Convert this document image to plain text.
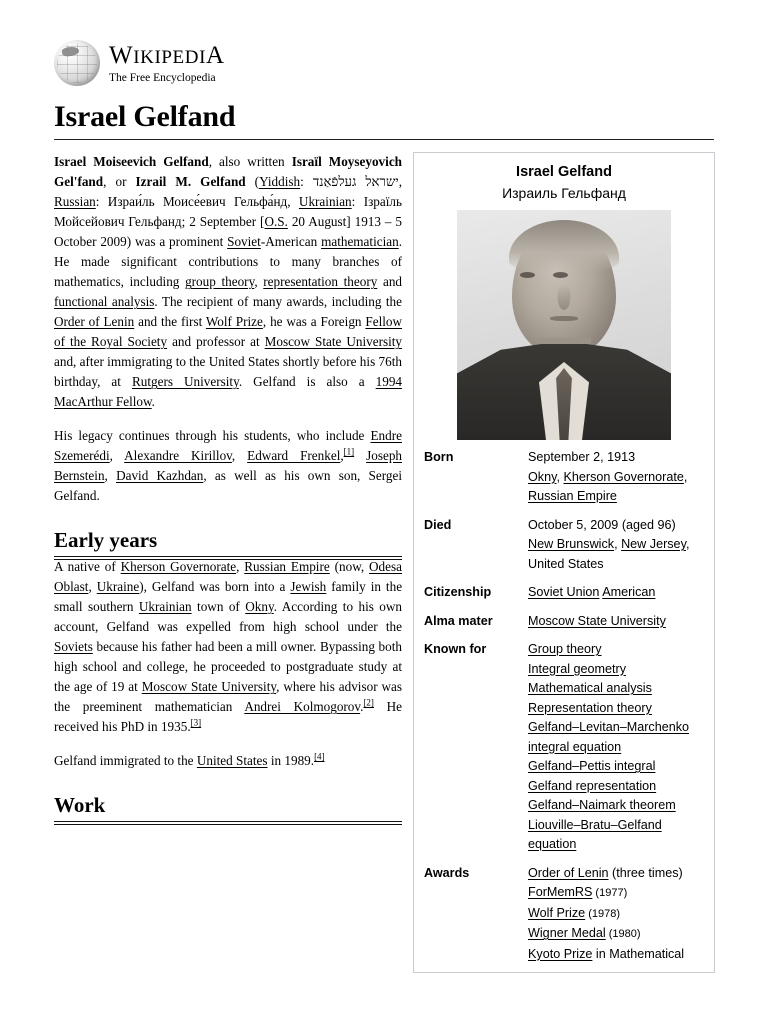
WIKIPEDIA
The Free Encyclopedia
Israel Gelfand
Israel Gelfand
Израиль Гельфанд
Born	September 2, 1913
Okny, Kherson Governorate,
Russian Empire

Died	October 5, 2009 (aged 96)
New Brunswick, New Jersey,
United States

Citizenship	Soviet Union American

Alma mater	Moscow State University

Known for	Group theory
Integral geometry
Mathematical analysis
Representation theory
Gelfand–Levitan–Marchenko
integral equation
Gelfand–Pettis integral
Gelfand representation
Gelfand–Naimark theorem
Liouville–Bratu–Gelfand
equation

Awards	Order of Lenin (three times)
ForMemRS (1977)
Wolf Prize (1978)
Wigner Medal (1980)
Kyoto Prize in Mathematical

Israel Moiseevich Gelfand, also written Israïl Moyseyovich Gel'fand, or Izrail M. Gelfand (Yiddish: ישראל געלפֿאַנד, Russian: Израи́ль Моисе́евич Гельфа́нд, Ukrainian: Ізраїль Мойсейович Гельфанд; 2 September [O.S. 20 August] 1913 – 5 October 2009) was a prominent Soviet-American mathematician. He made significant contributions to many branches of mathematics, including group theory, representation theory and functional analysis. The recipient of many awards, including the Order of Lenin and the first Wolf Prize, he was a Foreign Fellow of the Royal Society and professor at Moscow State University and, after immigrating to the United States shortly before his 76th birthday, at Rutgers University. Gelfand is also a 1994 MacArthur Fellow.

His legacy continues through his students, who include Endre Szemerédi, Alexandre Kirillov, Edward Frenkel,[1] Joseph Bernstein, David Kazhdan, as well as his own son, Sergei Gelfand.

Early years

A native of Kherson Governorate, Russian Empire (now, Odesa Oblast, Ukraine), Gelfand was born into a Jewish family in the small southern Ukrainian town of Okny. According to his own account, Gelfand was expelled from high school under the Soviets because his father had been a mill owner. Bypassing both high school and college, he proceeded to postgraduate study at the age of 19 at Moscow State University, where his advisor was the preeminent mathematician Andrei Kolmogorov.[2] He received his PhD in 1935.[3]

Gelfand immigrated to the United States in 1989.[4]

Work
